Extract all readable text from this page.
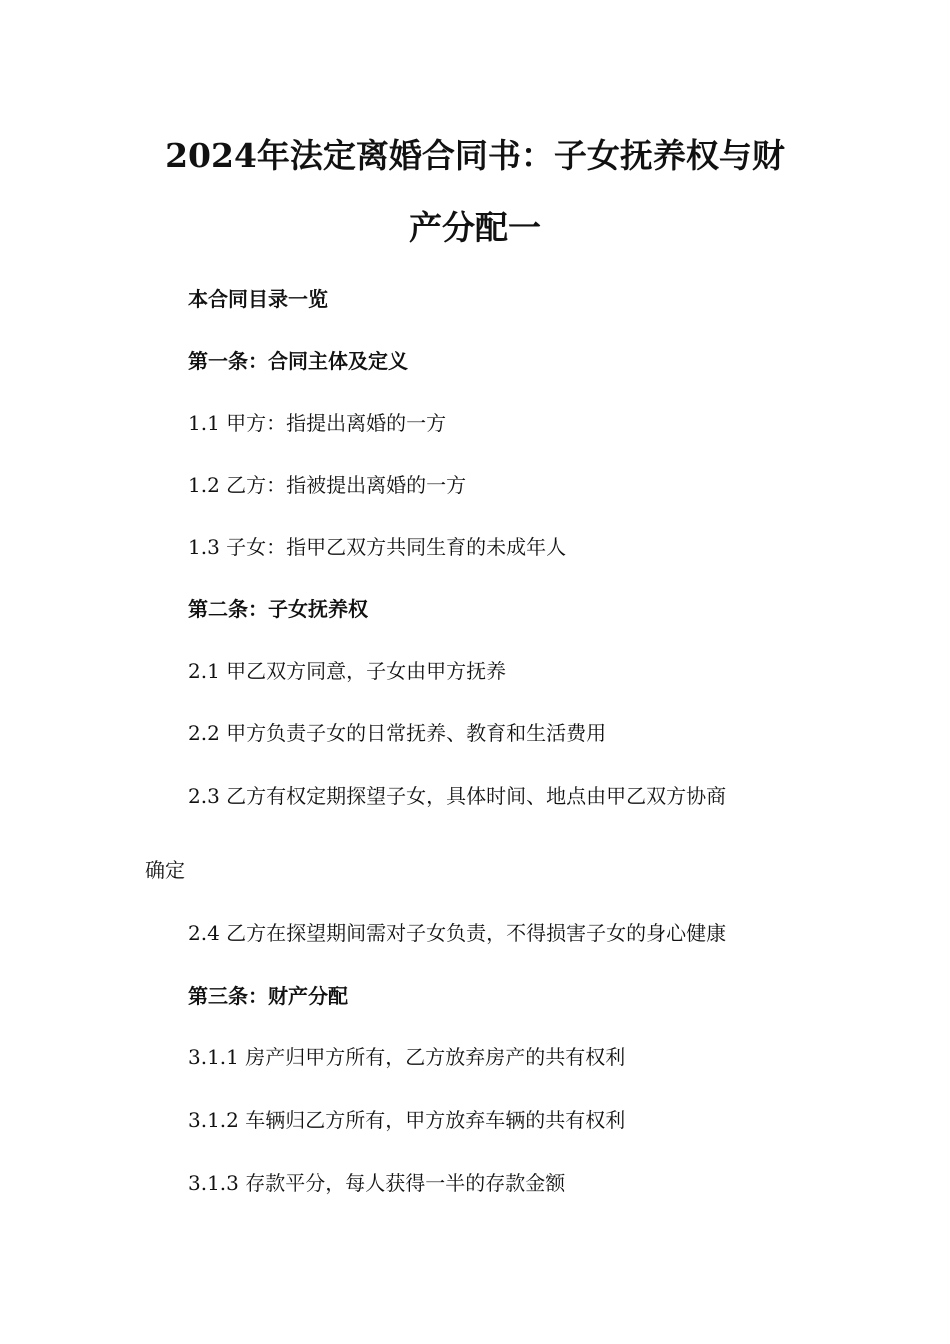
2024年法定离婚合同书：子女抚养权与财
产分配一
本合同目录一览
第一条：合同主体及定义
1.1 甲方：指提出离婚的一方
1.2 乙方：指被提出离婚的一方
1.3 子女：指甲乙双方共同生育的未成年人
第二条：子女抚养权
2.1 甲乙双方同意，子女由甲方抚养
2.2 甲方负责子女的日常抚养、教育和生活费用
2.3 乙方有权定期探望子女，具体时间、地点由甲乙双方协商
确定
2.4 乙方在探望期间需对子女负责，不得损害子女的身心健康
第三条：财产分配
3.1.1 房产归甲方所有，乙方放弃房产的共有权利
3.1.2 车辆归乙方所有，甲方放弃车辆的共有权利
3.1.3 存款平分，每人获得一半的存款金额
